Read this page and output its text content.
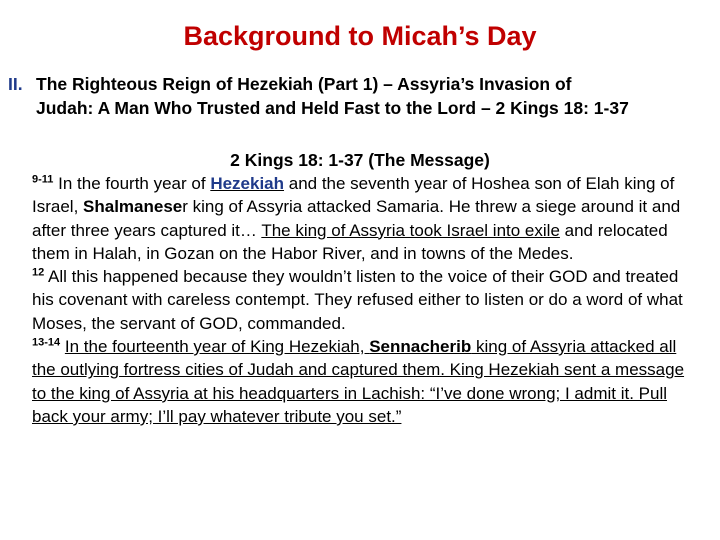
Background to Micah’s Day
II. The Righteous Reign of Hezekiah (Part 1) – Assyria’s Invasion of
Judah: A Man Who Trusted and Held Fast to the Lord – 2 Kings 18: 1-37
2 Kings 18: 1-37 (The Message)

$^{9-11}$ In the fourth year of Hezekiah and the seventh year of Hoshea son of Elah king of Israel, Shalmaneser king of Assyria attacked Samaria. He threw a siege around it and after three years captured it… The king of Assyria took Israel into exile and relocated them in Halah, in Gozan on the Habor River, and in towns of the Medes.

$^{12}$ All this happened because they wouldn’t listen to the voice of their GOD and treated his covenant with careless contempt. They refused either to listen or do a word of what Moses, the servant of GOD, commanded.

$^{13-14}$ In the fourteenth year of King Hezekiah, Sennacherib king of Assyria attacked all the outlying fortress cities of Judah and captured them. King Hezekiah sent a message to the king of Assyria at his headquarters in Lachish: “I’ve done wrong; I admit it. Pull back your army; I’ll pay whatever tribute you set.”
